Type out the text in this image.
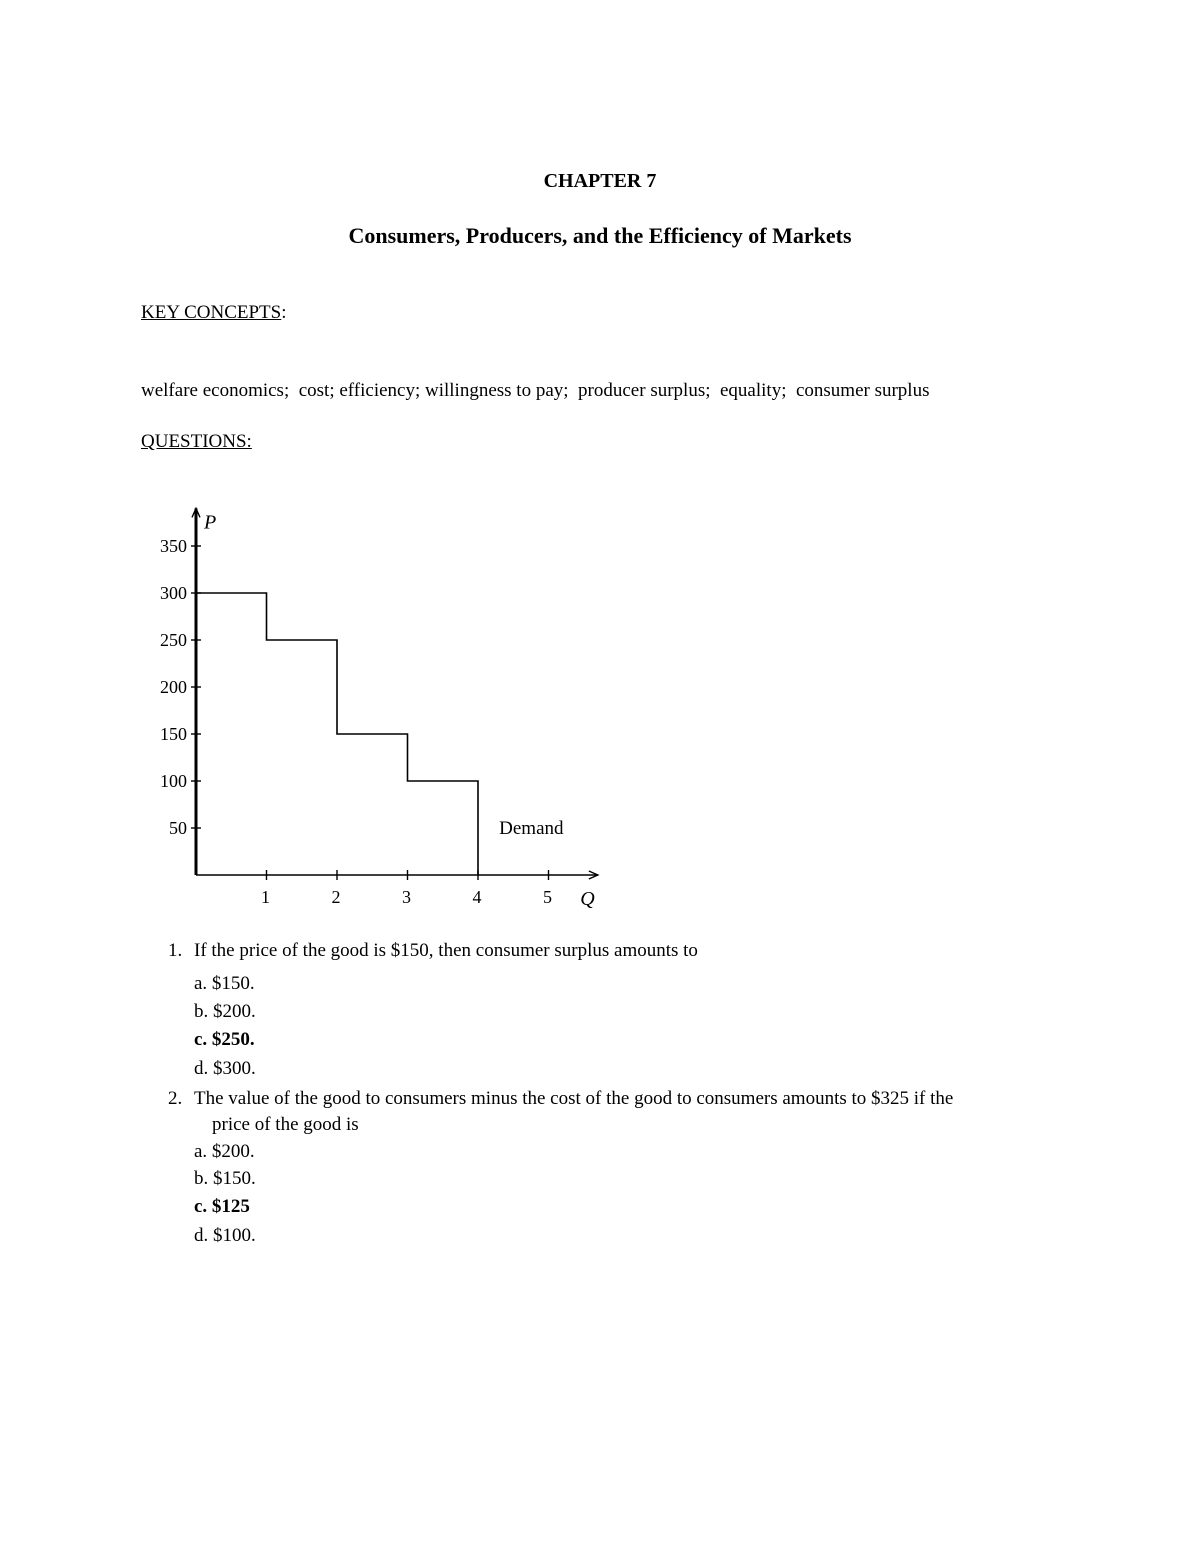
CHAPTER 7
Consumers, Producers, and the Efficiency of Markets
KEY CONCEPTS:
welfare economics;  cost; efficiency; willingness to pay;  producer surplus;  equality;  consumer surplus
QUESTIONS:
50
100
150
200
250
300
350
1	2	3	4	5
P
Q
Demand
1. If the price of the good is $150, then consumer surplus amounts to
a. $150.
b. $200.
c. $250.
d. $300.
2. The value of the good to consumers minus the cost of the good to consumers amounts to $325 if the
price of the good is
a. $200.
b. $150.
c. $125
d. $100.
